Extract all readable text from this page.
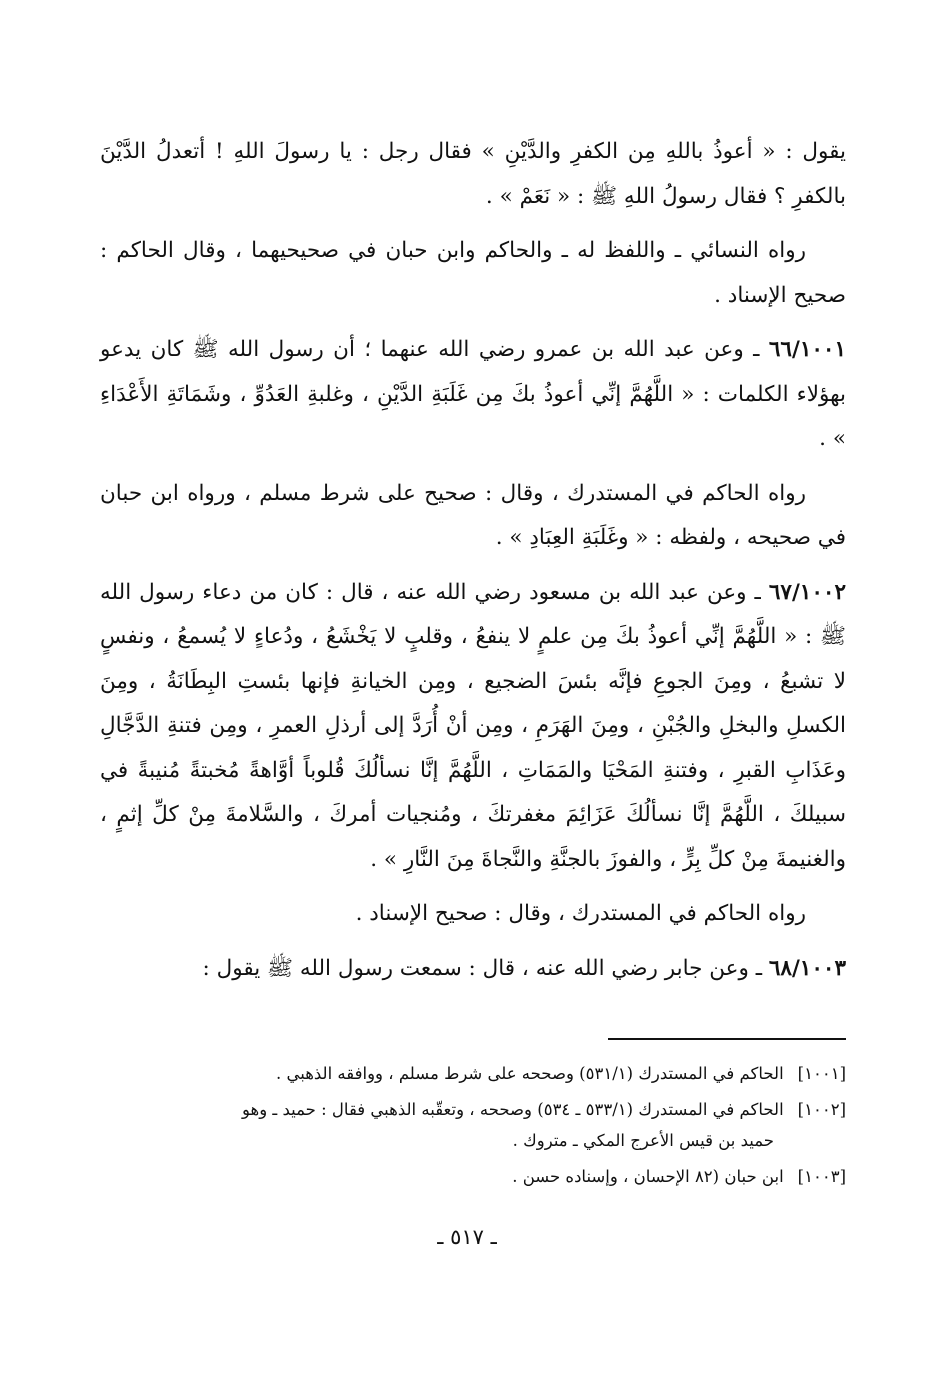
يقول : « أعوذُ باللهِ مِن الكفرِ والدَّيْنِ » فقال رجل : يا رسولَ اللهِ ! أتعدلُ الدَّيْنَ بالكفرِ ؟ فقال رسولُ اللهِ ﷺ : « نَعَمْ » .

رواه النسائي ـ واللفظ له ـ والحاكم وابن حبان في صحيحيهما ، وقال الحاكم : صحيح الإسناد .

٦٦/١٠٠١ ـ وعن عبد الله بن عمرو رضي الله عنهما ؛ أن رسول الله ﷺ كان يدعو بهؤلاء الكلمات : « اللَّهُمَّ إنِّي أعوذُ بكَ مِن غَلَبَةِ الدَّيْنِ ، وغلبةِ العَدُوِّ ، وشَمَاتَةِ الأَعْدَاءِ » .

رواه الحاكم في المستدرك ، وقال : صحيح على شرط مسلم ، ورواه ابن حبان في صحيحه ، ولفظه : « وغَلَبَةِ العِبَادِ » .

٦٧/١٠٠٢ ـ وعن عبد الله بن مسعود رضي الله عنه ، قال : كان من دعاء رسول الله ﷺ : « اللَّهُمَّ إنِّي أعوذُ بكَ مِن علمٍ لا ينفعُ ، وقلبٍ لا يَخْشَعُ ، ودُعاءٍ لا يُسمعُ ، ونفسٍ لا تشبعُ ، ومِنَ الجوعِ فإنَّه بئسَ الضجيع ، ومِن الخيانةِ فإنها بئستِ البِطَانَةُ ، ومِنَ الكسلِ والبخلِ والجُبْنِ ، ومِنَ الهَرَمِ ، ومِن أنْ أُرَدَّ إلى أرذلِ العمرِ ، ومِن فتنةِ الدَّجَّالِ وعَذَابِ القبرِ ، وفتنةِ المَحْيَا والمَمَاتِ ، اللَّهُمَّ إنَّا نسألُكَ قُلوباً أوَّاهةً مُخبتةً مُنيبةً في سبيلكَ ، اللَّهُمَّ إنَّا نسألُكَ عَزَائِمَ مغفرتكَ ، ومُنجيات أمركَ ، والسَّلامةَ مِنْ كلِّ إثمٍ ، والغنيمةَ مِنْ كلِّ بِرٍّ ، والفوزَ بالجنَّةِ والنَّجاةَ مِنَ النَّارِ » .

رواه الحاكم في المستدرك ، وقال : صحيح الإسناد .

٦٨/١٠٠٣ ـ وعن جابر رضي الله عنه ، قال : سمعت رسول الله ﷺ يقول :

[١٠٠١]الحاكم في المستدرك (٥٣١/١) وصححه على شرط مسلم ، ووافقه الذهبي .
[١٠٠٢]الحاكم في المستدرك (٥٣٣/١ ـ ٥٣٤) وصححه ، وتعقّبه الذهبي فقال : حميد ـ وهو
حميد بن قيس الأعرج المكي ـ متروك .
[١٠٠٣]ابن حبان (٨٢ الإحسان ، وإسناده حسن .
ـ ٥١٧ ـ
